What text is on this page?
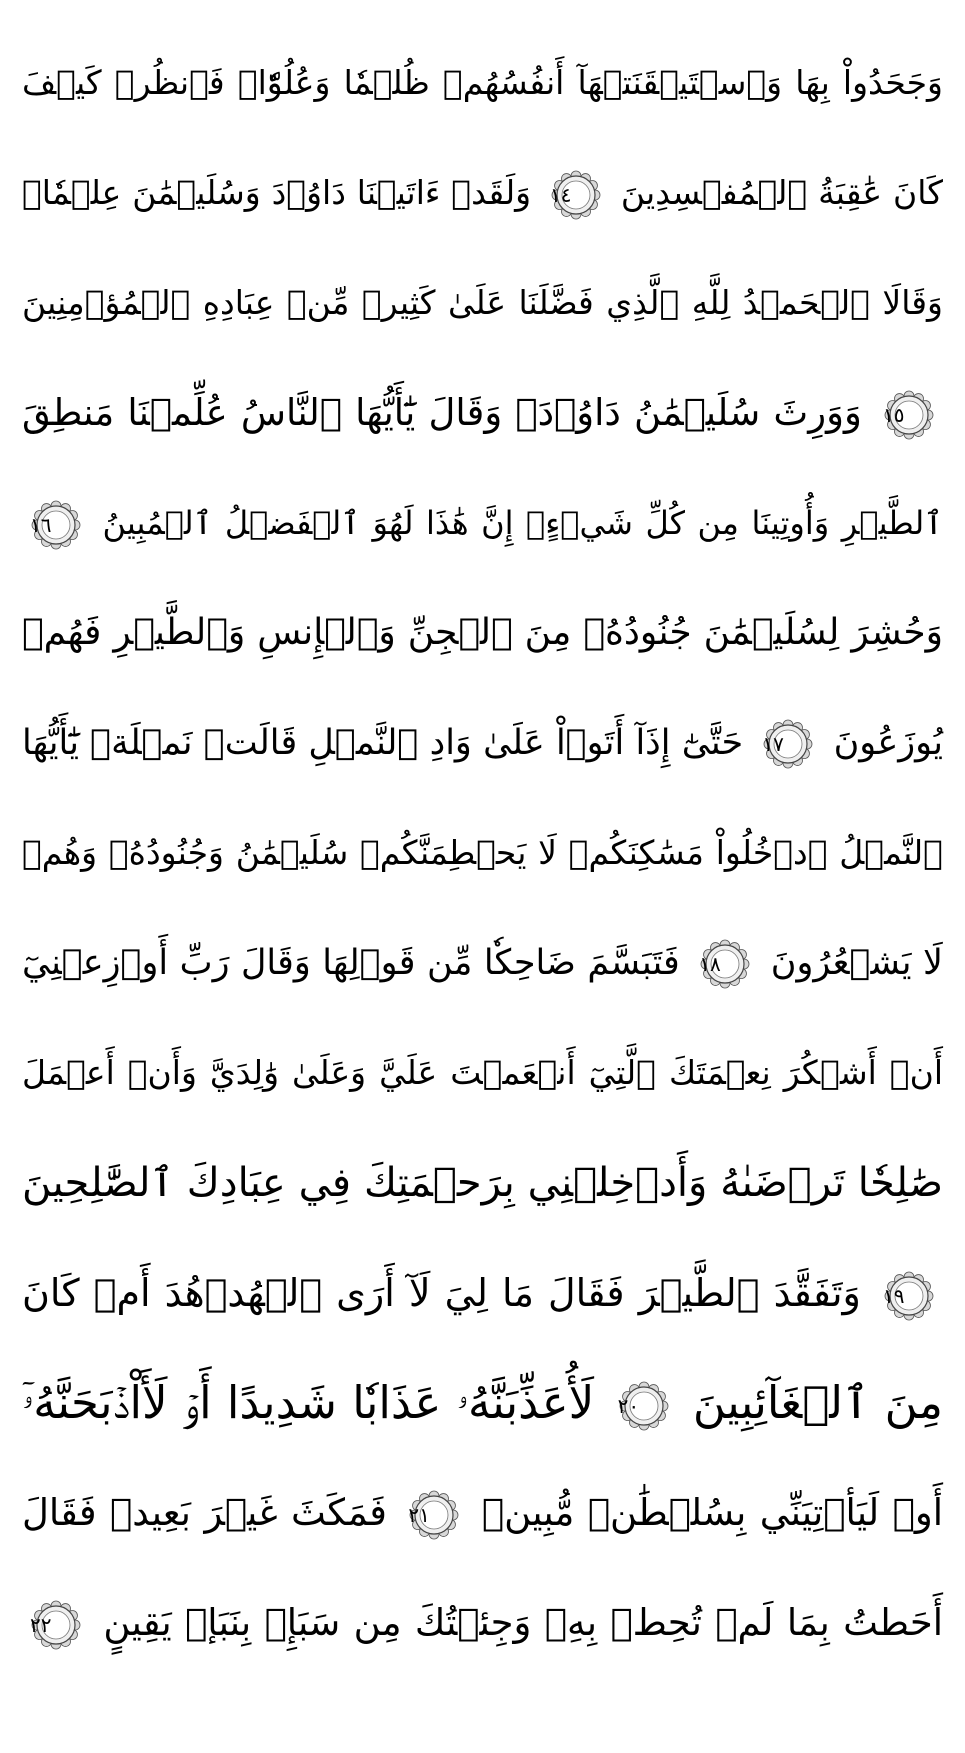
وَجَحَدُواْ بِهَا وَٱسۡتَيۡقَنَتۡهَآ أَنفُسُهُمۡ ظُلۡمٗا وَعُلُوّٗاۚ فَٱنظُرۡ كَيۡفَ
كَانَ عَٰقِبَةُ ٱلۡمُفۡسِدِينَ
١٤
وَلَقَدۡ ءَاتَيۡنَا دَاوُۥدَ وَسُلَيۡمَٰنَ عِلۡمٗاۖ
وَقَالَا ٱلۡحَمۡدُ لِلَّهِ ٱلَّذِي فَضَّلَنَا عَلَىٰ كَثِيرٖ مِّنۡ عِبَادِهِ ٱلۡمُؤۡمِنِينَ
١٥
وَوَرِثَ سُلَيۡمَٰنُ دَاوُۥدَۖ وَقَالَ يَٰٓأَيُّهَا ٱلنَّاسُ عُلِّمۡنَا مَنطِقَ
ٱلطَّيۡرِ وَأُوتِينَا مِن كُلِّ شَيۡءٍۖ إِنَّ هَٰذَا لَهُوَ ٱلۡفَضۡلُ ٱلۡمُبِينُ
١٦
وَحُشِرَ لِسُلَيۡمَٰنَ جُنُودُهُۥ مِنَ ٱلۡجِنِّ وَٱلۡإِنسِ وَٱلطَّيۡرِ فَهُمۡ
يُوزَعُونَ
١٧
حَتَّىٰٓ إِذَآ أَتَوۡاْ عَلَىٰ وَادِ ٱلنَّمۡلِ قَالَتۡ نَمۡلَةٞ يَٰٓأَيُّهَا
ٱلنَّمۡلُ ٱدۡخُلُواْ مَسَٰكِنَكُمۡ لَا يَحۡطِمَنَّكُمۡ سُلَيۡمَٰنُ وَجُنُودُهُۥ وَهُمۡ
لَا يَشۡعُرُونَ
١٨
فَتَبَسَّمَ ضَاحِكٗا مِّن قَوۡلِهَا وَقَالَ رَبِّ أَوۡزِعۡنِيٓ
أَنۡ أَشۡكُرَ نِعۡمَتَكَ ٱلَّتِيٓ أَنۡعَمۡتَ عَلَيَّ وَعَلَىٰ وَٰلِدَيَّ وَأَنۡ أَعۡمَلَ
صَٰلِحٗا تَرۡضَىٰهُ وَأَدۡخِلۡنِي بِرَحۡمَتِكَ فِي عِبَادِكَ ٱلصَّٰلِحِينَ
١٩
وَتَفَقَّدَ ٱلطَّيۡرَ فَقَالَ مَا لِيَ لَآ أَرَى ٱلۡهُدۡهُدَ أَمۡ كَانَ
مِنَ ٱلۡغَآئِبِينَ
٢٠
لَأُعَذِّبَنَّهُۥ عَذَابٗا شَدِيدًا أَوۡ لَأَاْذۡبَحَنَّهُۥٓ
أَوۡ لَيَأۡتِيَنِّي بِسُلۡطَٰنٖ مُّبِينٖ
٢١
فَمَكَثَ غَيۡرَ بَعِيدٖ فَقَالَ
أَحَطتُ بِمَا لَمۡ تُحِطۡ بِهِۦ وَجِئۡتُكَ مِن سَبَإِۭ بِنَبَإٖ يَقِينٍ
٢٢
